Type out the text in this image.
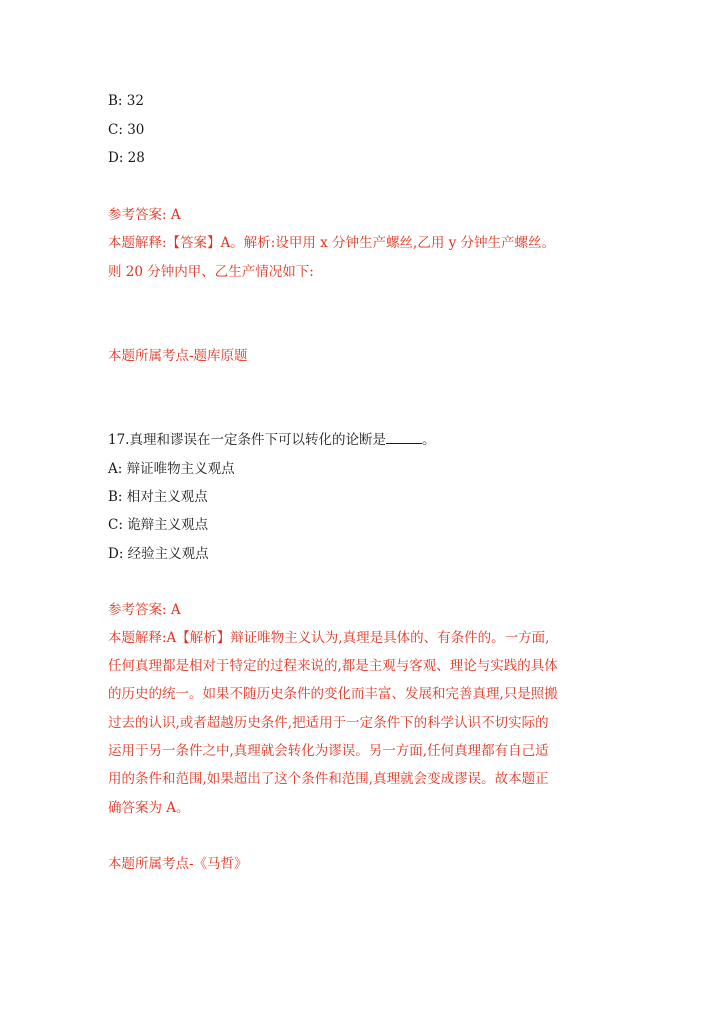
B: 32
C: 30
D: 28
参考答案: A
本题解释:【答案】A。解析:设甲用 x 分钟生产螺丝,乙用 y 分钟生产螺丝。
则 20 分钟内甲、乙生产情况如下:
本题所属考点-题库原题
17.真理和谬误在一定条件下可以转化的论断是	。
A: 辩证唯物主义观点
B: 相对主义观点
C: 诡辩主义观点
D: 经验主义观点
参考答案: A
本题解释:A【解析】辩证唯物主义认为,真理是具体的、有条件的。一方面,
任何真理都是相对于特定的过程来说的,都是主观与客观、理论与实践的具体
的历史的统一。如果不随历史条件的变化而丰富、发展和完善真理,只是照搬
过去的认识,或者超越历史条件,把适用于一定条件下的科学认识不切实际的
运用于另一条件之中,真理就会转化为谬误。另一方面,任何真理都有自己适
用的条件和范围,如果超出了这个条件和范围,真理就会变成谬误。故本题正
确答案为 A。
本题所属考点-《马哲》
